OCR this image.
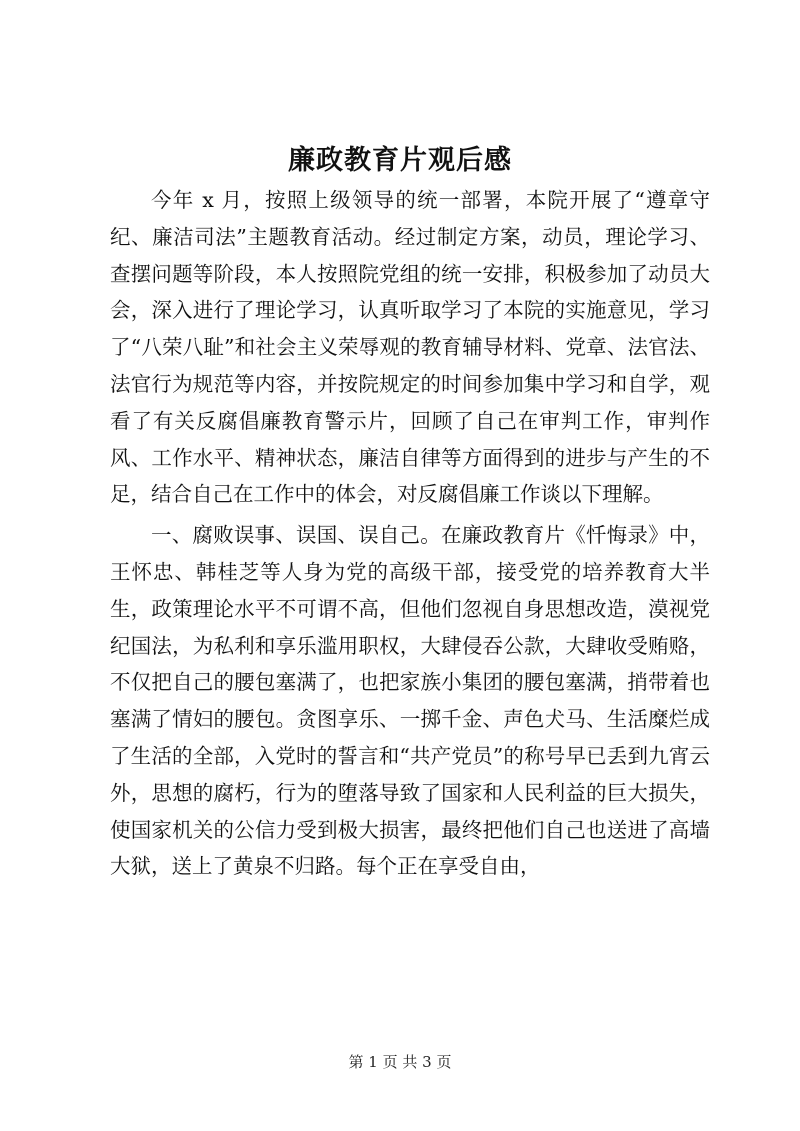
廉政教育片观后感

今年 x 月，按照上级领导的统一部署，本院开展了“遵章守纪、廉洁司法”主题教育活动。经过制定方案，动员，理论学习、查摆问题等阶段，本人按照院党组的统一安排，积极参加了动员大会，深入进行了理论学习，认真听取学习了本院的实施意见，学习了“八荣八耻”和社会主义荣辱观的教育辅导材料、党章、法官法、法官行为规范等内容，并按院规定的时间参加集中学习和自学，观看了有关反腐倡廉教育警示片，回顾了自己在审判工作，审判作风、工作水平、精神状态，廉洁自律等方面得到的进步与产生的不足，结合自己在工作中的体会，对反腐倡廉工作谈以下理解。

一、腐败误事、误国、误自己。在廉政教育片《忏悔录》中，王怀忠、韩桂芝等人身为党的高级干部，接受党的培养教育大半生，政策理论水平不可谓不高，但他们忽视自身思想改造，漠视党纪国法，为私利和享乐滥用职权，大肆侵吞公款，大肆收受贿赂，不仅把自己的腰包塞满了，也把家族小集团的腰包塞满，捎带着也塞满了情妇的腰包。贪图享乐、一掷千金、声色犬马、生活糜烂成了生活的全部，入党时的誓言和“共产党员”的称号早已丢到九宵云外，思想的腐朽，行为的堕落导致了国家和人民利益的巨大损失，使国家机关的公信力受到极大损害，最终把他们自己也送进了高墙大狱，送上了黄泉不归路。每个正在享受自由，

第 1 页 共 3 页
